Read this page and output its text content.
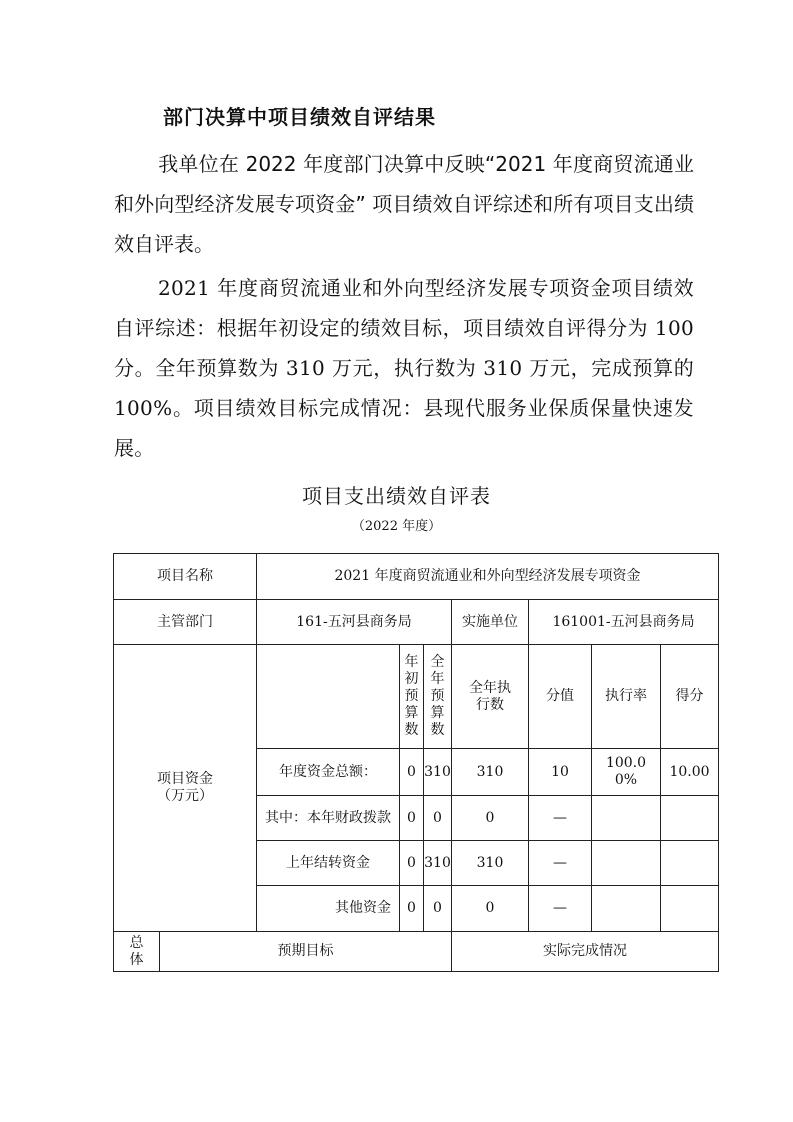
部门决算中项目绩效自评结果
我单位在 2022 年度部门决算中反映“2021 年度商贸流通业和外向型经济发展专项资金” 项目绩效自评综述和所有项目支出绩效自评表。
2021 年度商贸流通业和外向型经济发展专项资金项目绩效自评综述：根据年初设定的绩效目标，项目绩效自评得分为 100 分。全年预算数为 310 万元，执行数为 310 万元，完成预算的 100%。项目绩效目标完成情况：县现代服务业保质保量快速发展。
项目支出绩效自评表
（2022 年度）
项目名称		2021 年度商贸流通业和外向型经济发展专项资金						
主管部门		161-五河县商务局			实施单位	161001-五河县商务局		

项目资金
（万元）			年初预算数	全年预算数	全年执行数	分值	执行率	得分
		年度资金总额：	0	310	310	10	100.00%	10.00
		其中：本年财政拨款	0	0	0	—		
		上年结转资金	0	310	310	—		
		其他资金	0	0	0	—		
总体	预期目标				实际完成情况			
